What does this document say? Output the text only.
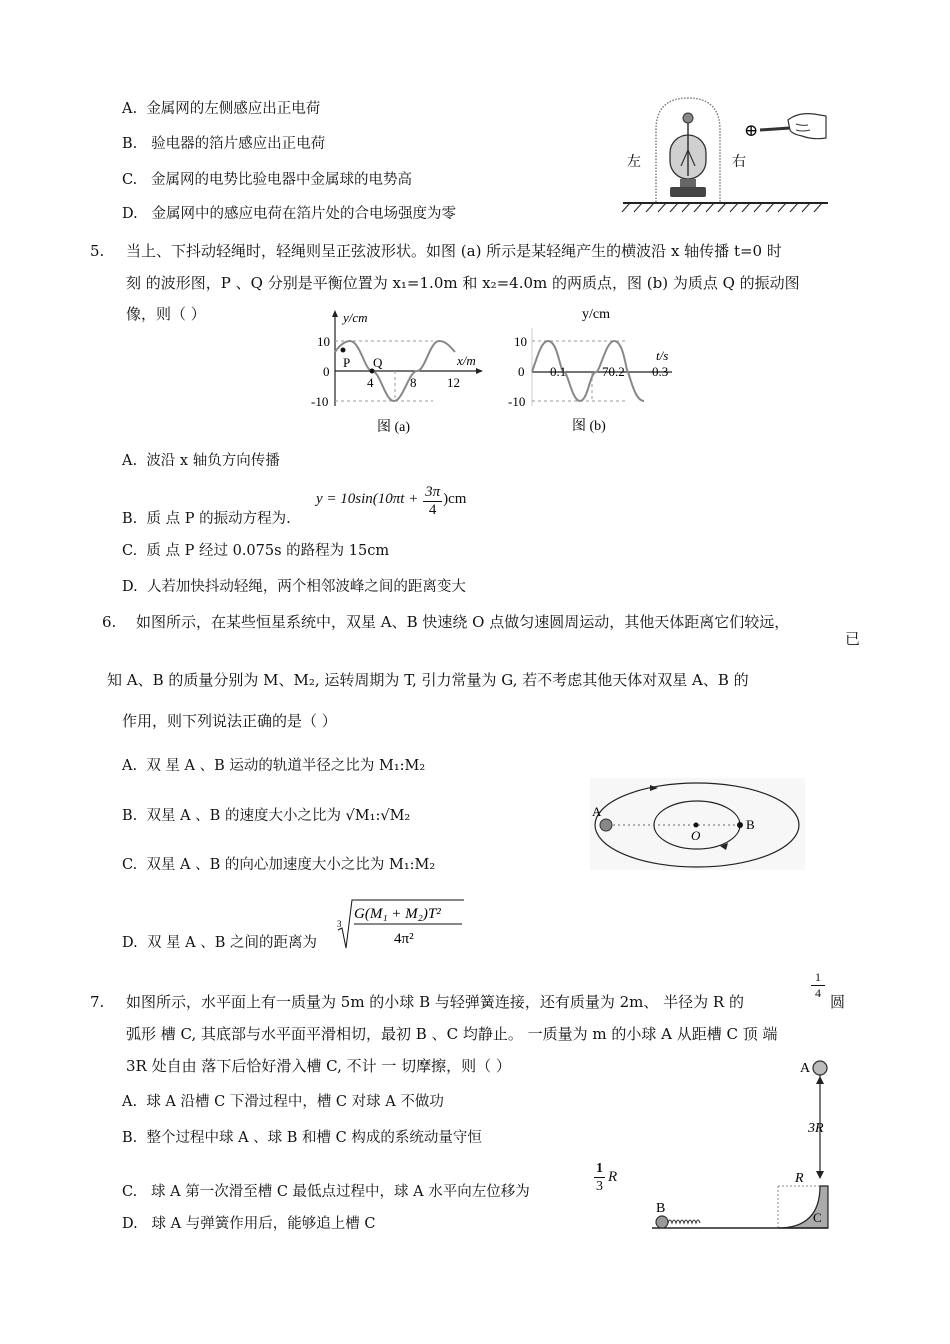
A. 金属网的左侧感应出正电荷
B. 验电器的箔片感应出正电荷
C. 金属网的电势比验电器中金属球的电势高
D. 金属网中的感应电荷在箔片处的合电场强度为零
左	右
⊕
5. 当上、下抖动轻绳时，轻绳则呈正弦波形状。如图 (a) 所示是某轻绳产生的横波沿 x 轴传播 t=0 时
刻 的波形图，P 、Q 分别是平衡位置为 x₁=1.0m 和 x₂=4.0m 的两质点，图 (b) 为质点 Q 的振动图
像，则（ ）	y/cm
x/m
10
0
-10
4	8 12
P Q
图 (a)
y/cm
10
0
-10
t/s
0.1	70.2 0.3
图 (b)
A. 波沿 x 轴负方向传播
B. 质 点 P 的振动方程为.
$y = 10\sin(10\pi t + \frac{3\pi}{4} )cm$
C. 质 点 P 经过 0.075s 的路程为 15cm
D. 人若加快抖动轻绳，两个相邻波峰之间的距离变大
6. 如图所示，在某些恒星系统中，双星 A、B 快速绕 O 点做匀速圆周运动，其他天体距离它们较远，
已
知 A、B 的质量分别为 M、M₂, 运转周期为 T, 引力常量为 G, 若不考虑其他天体对双星 A、B 的
作用，则下列说法正确的是（ ）
A. 双 星 A 、B 运动的轨道半径之比为 M₁:M₂
B. 双星 A 、B 的速度大小之比为 √M₁:√M₂
C. 双星 A 、B 的向心加速度大小之比为 M₁:M₂
D. 双 星 A 、B 之间的距离为
3
G(M₁ + M₂)T²
4π²
A
B
O
7. 如图所示，水平面上有一质量为 5m 的小球 B 与轻弹簧连接，还有质量为 2m、 半径为 R 的
1
4 圆
弧形 槽 C, 其底部与水平面平滑相切，最初 B 、C 均静止。 一质量为 m 的小球 A 从距槽 C 顶 端
3R 处自由 落下后恰好滑入槽 C, 不计 一 切摩擦，则（ ）
A. 球 A 沿槽 C 下滑过程中，槽 C 对球 A 不做功
B. 整个过程中球 A 、球 B 和槽 C 构成的系统动量守恒
C. 球 A 第一次滑至槽 C 最低点过程中，球 A 水平向左位移为	$\frac{1}{3}$ R
D. 球 A 与弹簧作用后，能够追上槽 C
A
3R
R
C
B
